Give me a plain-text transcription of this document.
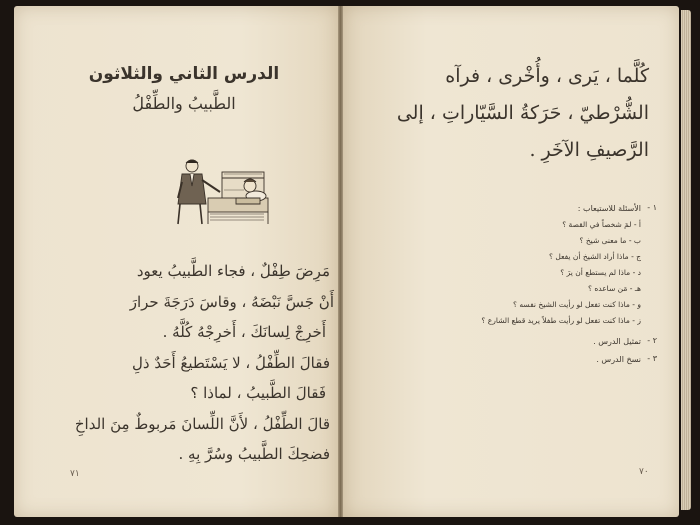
الدرس الثاني والثلاثون
الطَّبيبُ والطِّفْلُ
مَرِضَ طِفْلٌ ، فجاء الطَّبيبُ يعود
أَنْ جَسَّ نَبْضَهُ ، وقاسَ دَرَجَةَ حرارَ
أَخرِجْ لِسانَكَ ، أَخرِجْهُ كُلَّهُ .
فقالَ الطِّفْلُ ، لا يَسْتَطيعُ أَحَدٌ ذلِ
فَقالَ الطَّبيبُ ، لماذا ؟
قالَ الطِّفْلُ ، لأَنَّ اللِّسانَ مَربوطٌ مِنَ الداخِ
فضحِكَ الطَّبيبُ وسُرَّ بِهِ .
٧١
كُلَّما ، يَرى ، وأُخْرى ، فرآه
الشُّرْطيّ ، حَرَكةُ السَّيّاراتِ ، إلى
الرَّصيفِ الآخَرِ .
١ -
الأسئلة للاستيعاب :
أ - لمَ شخصاً في القصة ؟
ب - ما معنى شيخ ؟
ج - ماذا أراد الشيخ أن يفعل ؟
د - ماذا لم يستطع أن يرَ ؟
هـ - مَن ساعده ؟
و - ماذا كنت تفعل لو رأيت الشيخ نفسه ؟
ز - ماذا كنت تفعل لو رأيت طفلاً يريد قطع الشارع ؟
٢ -
تمثيل الدرس .
٣ -
نسخ الدرس .
٧٠
